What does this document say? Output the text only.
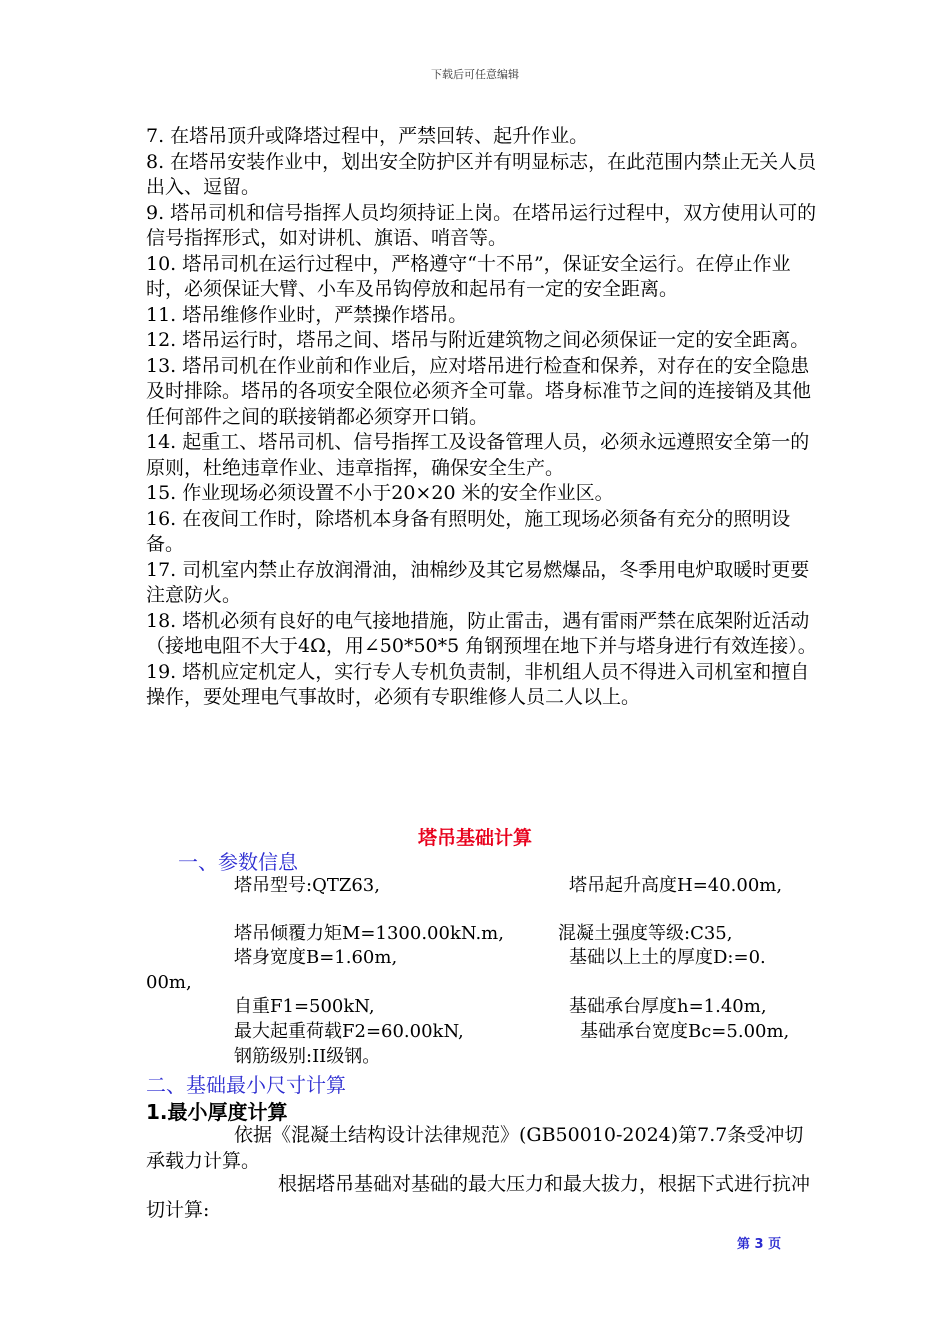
下载后可任意编辑

7. 在塔吊顶升或降塔过程中，严禁回转、起升作业。

8. 在塔吊安装作业中，划出安全防护区并有明显标志，在此范围内禁止无关人员出入、逗留。

9. 塔吊司机和信号指挥人员均须持证上岗。在塔吊运行过程中，双方使用认可的信号指挥形式，如对讲机、旗语、哨音等。

10. 塔吊司机在运行过程中，严格遵守“十不吊”，保证安全运行。在停止作业时，必须保证大臂、小车及吊钩停放和起吊有一定的安全距离。

11. 塔吊维修作业时，严禁操作塔吊。

12. 塔吊运行时，塔吊之间、塔吊与附近建筑物之间必须保证一定的安全距离。

13. 塔吊司机在作业前和作业后，应对塔吊进行检查和保养，对存在的安全隐患及时排除。塔吊的各项安全限位必须齐全可靠。塔身标准节之间的连接销及其他任何部件之间的联接销都必须穿开口销。

14. 起重工、塔吊司机、信号指挥工及设备管理人员，必须永远遵照安全第一的原则，杜绝违章作业、违章指挥，确保安全生产。

15. 作业现场必须设置不小于20×20 米的安全作业区。

16. 在夜间工作时，除塔机本身备有照明处，施工现场必须备有充分的照明设备。

17. 司机室内禁止存放润滑油，油棉纱及其它易燃爆品，冬季用电炉取暖时更要注意防火。

18. 塔机必须有良好的电气接地措施，防止雷击，遇有雷雨严禁在底架附近活动（接地电阻不大于4Ω，用∠50*50*5 角钢预埋在地下并与塔身进行有效连接）。

19. 塔机应定机定人，实行专人专机负责制，非机组人员不得进入司机室和擅自操作，要处理电气事故时，必须有专职维修人员二人以上。

塔吊基础计算
一、参数信息
塔吊型号:QTZ63,	塔吊起升高度H=40.00m,
塔吊倾覆力矩M=1300.00kN.m,	混凝土强度等级:C35,
塔身宽度B=1.60m,	基础以上土的厚度D:=0.
00m,
自重F1=500kN,	基础承台厚度h=1.40m,
最大起重荷载F2=60.00kN,	基础承台宽度Bc=5.00m,
钢筋级别:II级钢。
二、基础最小尺寸计算
1.最小厚度计算
依据《混凝土结构设计法律规范》(GB50010-2024)第7.7条受冲切承载力计算。
根据塔吊基础对基础的最大压力和最大拔力，根据下式进行抗冲切计算:
第 3 页
